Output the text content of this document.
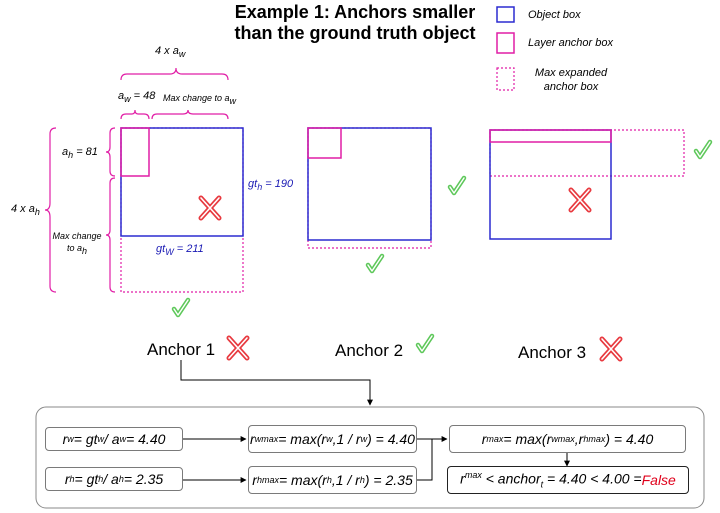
Example 1: Anchors smaller
than the ground truth object
Object box
Layer anchor box
Max expanded
anchor box
4 x $a_w$
$a_w = 48$ Max change to $a_w$
$a_h = 81$
4 x $a_h$
Max change
to $a_h$
$gt_h = 190$
$gt_W = 211$
Anchor 1	Anchor 2	Anchor 3
r w = gt w / a w = 4.40
r h = gt h / a h = 2.35
r w max = max(r w ,1 / r w ) = 4.40
r h max = max(r h ,1 / r h ) = 2.35
r max = max(r w max ,r h max ) = 4.40
$r^{max}$ < anchor$_t$ = 4.40 < 4.00 = False
